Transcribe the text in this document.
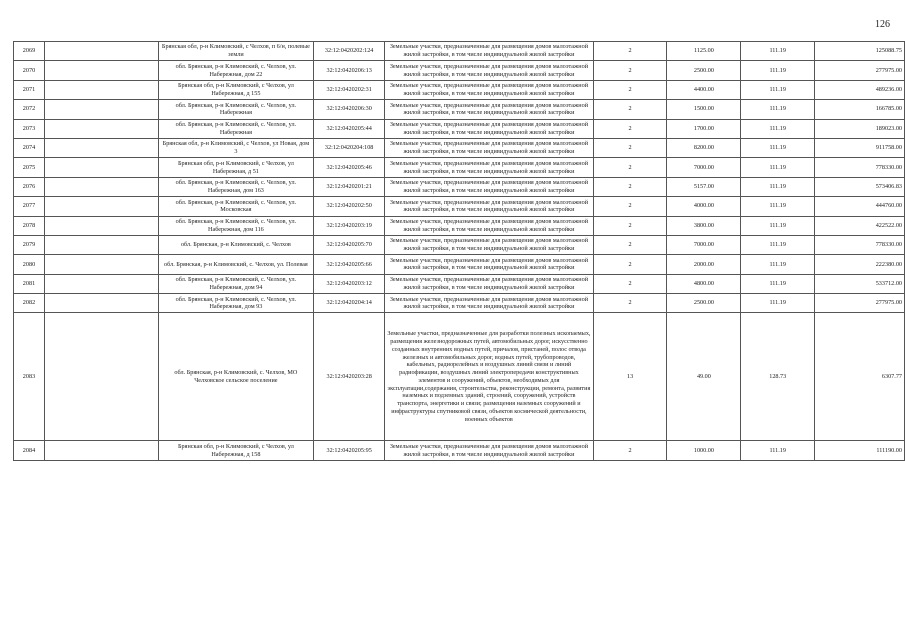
126
2069		Брянская обл, р-н Климовский, с Челхов, п 6/н, полевые земли	32:12:0420202:124	Земельные участки, предназначенные для размещения домов малоэтажной жилой застройки, в том числе индивидуальной жилой застройки	2	1125.00	111.19	125088.75
2070		обл. Брянская, р-н Климовский, с. Челхов, ул. Набережная, дом 22	32:12:0420206:13	Земельные участки, предназначенные для размещения домов малоэтажной жилой застройки, в том числе индивидуальной жилой застройки	2	2500.00	111.19	277975.00
2071		Брянская обл, р-н Климовский, с Челхов, ул Набережная, д 155	32:12:0420202:31	Земельные участки, предназначенные для размещения домов малоэтажной жилой застройки, в том числе индивидуальной жилой застройки	2	4400.00	111.19	489236.00
2072		обл. Брянская, р-н Климовский, с. Челхов, ул. Набережная	32:12:0420206:30	Земельные участки, предназначенные для размещения домов малоэтажной жилой застройки, в том числе индивидуальной жилой застройки	2	1500.00	111.19	166785.00
2073		обл. Брянская, р-н Климовский, с. Челхов, ул. Набережная	32:12:0420205:44	Земельные участки, предназначенные для размещения домов малоэтажной жилой застройки, в том числе индивидуальной жилой застройки	2	1700.00	111.19	189023.00
2074		Брянская обл, р-н Климовский, с Челхов, ул Новая, дом 3	32:12:0420204:108	Земельные участки, предназначенные для размещения домов малоэтажной жилой застройки, в том числе индивидуальной жилой застройки	2	8200.00	111.19	911758.00
2075		Брянская обл, р-н Климовский, с Челхов, ул Набережная, д 51	32:12:0420205:46	Земельные участки, предназначенные для размещения домов малоэтажной жилой застройки, в том числе индивидуальной жилой застройки	2	7000.00	111.19	778330.00
2076		обл. Брянская, р-н Климовский, с. Челхов, ул. Набережная, дом 163	32:12:0420201:21	Земельные участки, предназначенные для размещения домов малоэтажной жилой застройки, в том числе индивидуальной жилой застройки	2	5157.00	111.19	573406.83
2077		обл. Брянская, р-н Климовский, с. Челхов, ул. Московская	32:12:0420202:50	Земельные участки, предназначенные для размещения домов малоэтажной жилой застройки, в том числе индивидуальной жилой застройки	2	4000.00	111.19	444760.00
2078		обл. Брянская, р-н Климовский, с. Челхов, ул. Набережная, дом 116	32:12:0420203:19	Земельные участки, предназначенные для размещения домов малоэтажной жилой застройки, в том числе индивидуальной жилой застройки	2	3800.00	111.19	422522.00
2079		обл. Брянская, р-н Климовский, с. Челхов	32:12:0420205:70	Земельные участки, предназначенные для размещения домов малоэтажной жилой застройки, в том числе индивидуальной жилой застройки	2	7000.00	111.19	778330.00
2080		обл. Брянская, р-н Климовский, с. Челхов, ул. Полевая	32:12:0420205:66	Земельные участки, предназначенные для размещения домов малоэтажной жилой застройки, в том числе индивидуальной жилой застройки	2	2000.00	111.19	222380.00
2081		обл. Брянская, р-н Климовский, с. Челхов, ул. Набережная, дом 94	32:12:0420203:12	Земельные участки, предназначенные для размещения домов малоэтажной жилой застройки, в том числе индивидуальной жилой застройки	2	4800.00	111.19	533712.00
2082		обл. Брянская, р-н Климовский, с. Челхов, ул. Набережная, дом 93	32:12:0420204:14	Земельные участки, предназначенные для размещения домов малоэтажной жилой застройки, в том числе индивидуальной жилой застройки	2	2500.00	111.19	277975.00
2083		обл. Брянская, р-н Климовский, с. Челхов, МО Челховское сельское поселение	32:12:0420203:28	Земельные участки, предназначенные для разработки полезных ископаемых, размещения железнодорожных путей, автомобильных дорог, искусственно созданных внутренних водных путей, причалов, пристаней, полос отвода железных и автомобильных дорог, водных путей, трубопроводов, кабельных, радиорелейных и воздушных линий связи и линий радиофикации, воздушных линий электропередачи конструктивных элементов и сооружений, объектов, необходимых для эксплуатации,содержания, строительства, реконструкции, ремонта, развития наземных и подземных зданий, строений, сооружений, устройств транспорта, энергетики и связи; размещения наземных сооружений и инфраструктуры спутниковой связи, объектов космической деятельности, военных объектов	13	49.00	128.73	6307.77
2084		Брянская обл, р-н Климовский, с Челхов, ул Набережная, д 158	32:12:0420205:95	Земельные участки, предназначенные для размещения домов малоэтажной жилой застройки, в том числе индивидуальной жилой застройки	2	1000.00	111.19	111190.00
